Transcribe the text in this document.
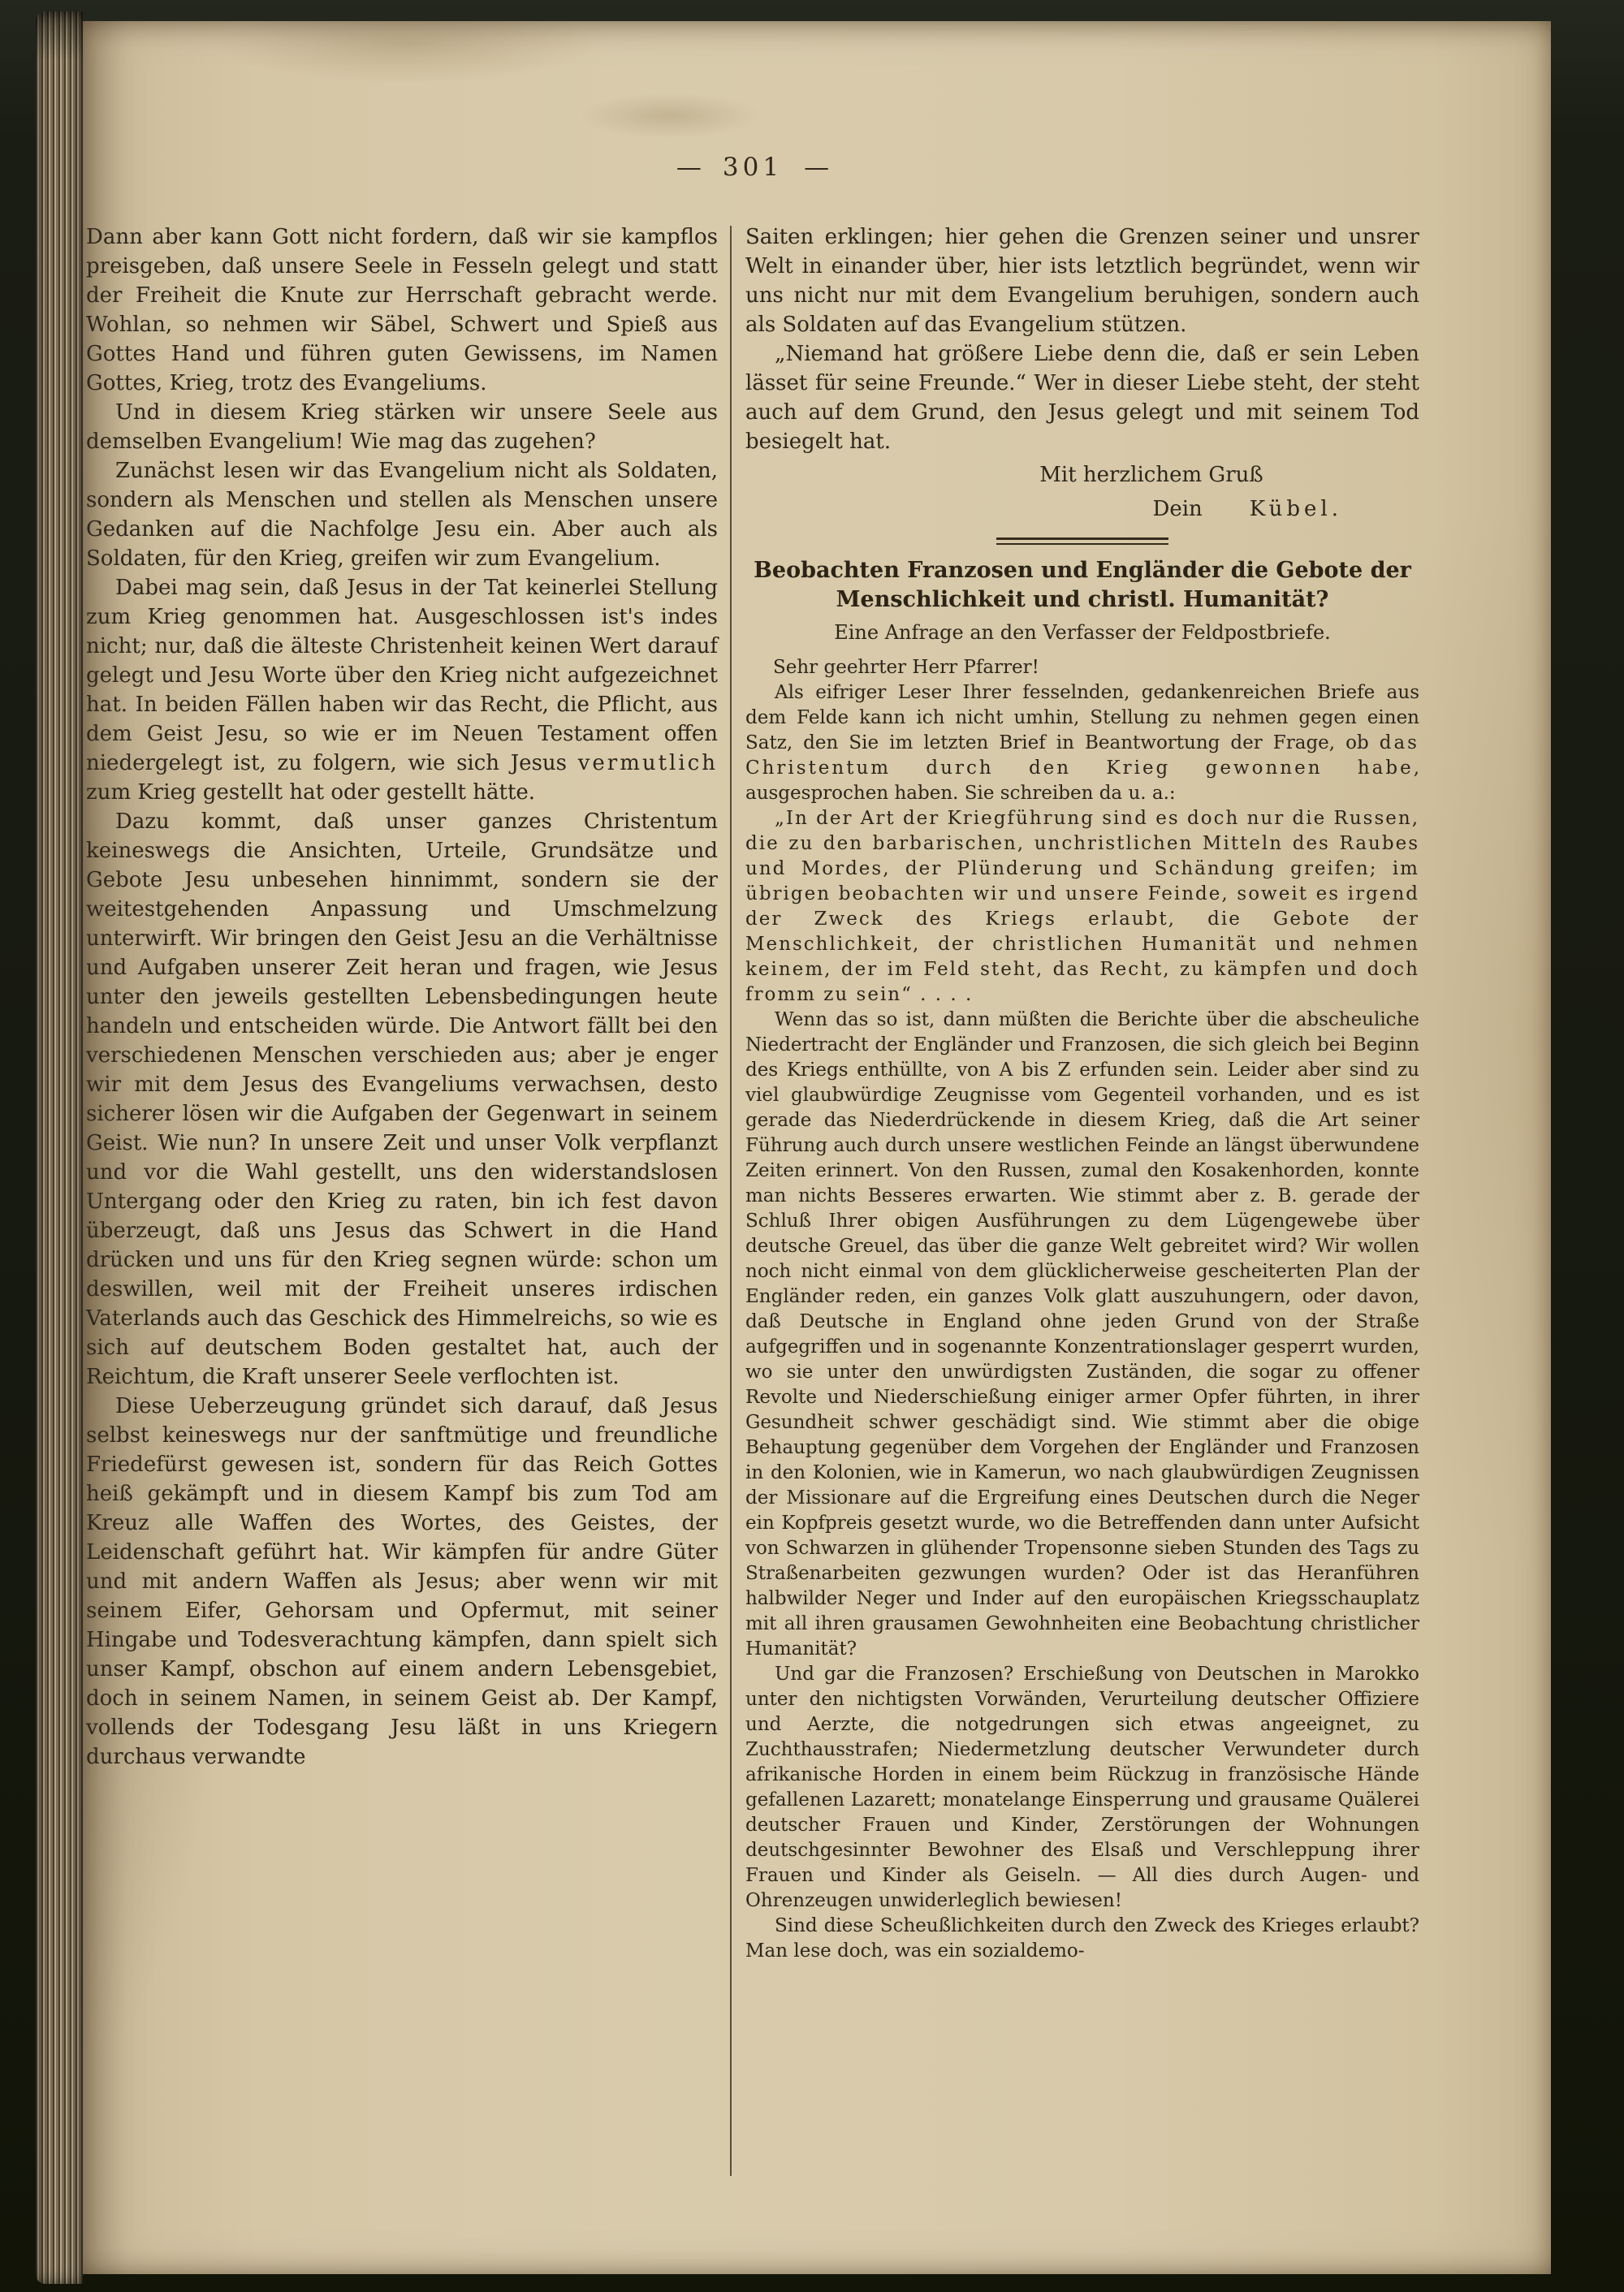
— 301 —

Dann aber kann Gott nicht fordern, daß wir sie kampflos preisgeben, daß unsere Seele in Fesseln gelegt und statt der Freiheit die Knute zur Herrschaft gebracht werde. Wohlan, so nehmen wir Säbel, Schwert und Spieß aus Gottes Hand und führen guten Gewissens, im Namen Gottes, Krieg, trotz des Evangeliums.

Und in diesem Krieg stärken wir unsere Seele aus demselben Evangelium! Wie mag das zugehen?

Zunächst lesen wir das Evangelium nicht als Soldaten, sondern als Menschen und stellen als Menschen unsere Gedanken auf die Nachfolge Jesu ein. Aber auch als Soldaten, für den Krieg, greifen wir zum Evangelium.

Dabei mag sein, daß Jesus in der Tat keinerlei Stellung zum Krieg genommen hat. Ausgeschlossen ist's indes nicht; nur, daß die älteste Christenheit keinen Wert darauf gelegt und Jesu Worte über den Krieg nicht aufgezeichnet hat. In beiden Fällen haben wir das Recht, die Pflicht, aus dem Geist Jesu, so wie er im Neuen Testament offen niedergelegt ist, zu folgern, wie sich Jesus vermutlich zum Krieg gestellt hat oder gestellt hätte.

Dazu kommt, daß unser ganzes Christentum keineswegs die Ansichten, Urteile, Grundsätze und Gebote Jesu unbesehen hinnimmt, sondern sie der weitestgehenden Anpassung und Umschmelzung unterwirft. Wir bringen den Geist Jesu an die Verhältnisse und Aufgaben unserer Zeit heran und fragen, wie Jesus unter den jeweils gestellten Lebensbedingungen heute handeln und entscheiden würde. Die Antwort fällt bei den verschiedenen Menschen verschieden aus; aber je enger wir mit dem Jesus des Evangeliums verwachsen, desto sicherer lösen wir die Aufgaben der Gegenwart in seinem Geist. Wie nun? In unsere Zeit und unser Volk verpflanzt und vor die Wahl gestellt, uns den widerstandslosen Untergang oder den Krieg zu raten, bin ich fest davon überzeugt, daß uns Jesus das Schwert in die Hand drücken und uns für den Krieg segnen würde: schon um deswillen, weil mit der Freiheit unseres irdischen Vaterlands auch das Geschick des Himmelreichs, so wie es sich auf deutschem Boden gestaltet hat, auch der Reichtum, die Kraft unserer Seele verflochten ist.

Diese Ueberzeugung gründet sich darauf, daß Jesus selbst keineswegs nur der sanftmütige und freundliche Friedefürst gewesen ist, sondern für das Reich Gottes heiß gekämpft und in diesem Kampf bis zum Tod am Kreuz alle Waffen des Wortes, des Geistes, der Leidenschaft geführt hat. Wir kämpfen für andre Güter und mit andern Waffen als Jesus; aber wenn wir mit seinem Eifer, Gehorsam und Opfermut, mit seiner Hingabe und Todesverachtung kämpfen, dann spielt sich unser Kampf, obschon auf einem andern Lebensgebiet, doch in seinem Namen, in seinem Geist ab. Der Kampf, vollends der Todesgang Jesu läßt in uns Kriegern durchaus verwandte

Saiten erklingen; hier gehen die Grenzen seiner und unsrer Welt in einander über, hier ists letztlich begründet, wenn wir uns nicht nur mit dem Evangelium beruhigen, sondern auch als Soldaten auf das Evangelium stützen.

„Niemand hat größere Liebe denn die, daß er sein Leben lässet für seine Freunde.“ Wer in dieser Liebe steht, der steht auch auf dem Grund, den Jesus gelegt und mit seinem Tod besiegelt hat.

Mit herzlichem Gruß

Dein Kübel.

Beobachten Franzosen und Engländer die Gebote der Menschlichkeit und christl. Humanität?

Eine Anfrage an den Verfasser der Feldpostbriefe.

Sehr geehrter Herr Pfarrer!

Als eifriger Leser Ihrer fesselnden, gedankenreichen Briefe aus dem Felde kann ich nicht umhin, Stellung zu nehmen gegen einen Satz, den Sie im letzten Brief in Beantwortung der Frage, ob das Christentum durch den Krieg gewonnen habe, ausgesprochen haben. Sie schreiben da u. a.:

„In der Art der Kriegführung sind es doch nur die Russen, die zu den barbarischen, unchristlichen Mitteln des Raubes und Mordes, der Plünderung und Schändung greifen; im übrigen beobachten wir und unsere Feinde, soweit es irgend der Zweck des Kriegs erlaubt, die Gebote der Menschlichkeit, der christlichen Humanität und nehmen keinem, der im Feld steht, das Recht, zu kämpfen und doch fromm zu sein“ . . . .

Wenn das so ist, dann müßten die Berichte über die abscheuliche Niedertracht der Engländer und Franzosen, die sich gleich bei Beginn des Kriegs enthüllte, von A bis Z erfunden sein. Leider aber sind zu viel glaubwürdige Zeugnisse vom Gegenteil vorhanden, und es ist gerade das Niederdrückende in diesem Krieg, daß die Art seiner Führung auch durch unsere westlichen Feinde an längst überwundene Zeiten erinnert. Von den Russen, zumal den Kosakenhorden, konnte man nichts Besseres erwarten. Wie stimmt aber z. B. gerade der Schluß Ihrer obigen Ausführungen zu dem Lügengewebe über deutsche Greuel, das über die ganze Welt gebreitet wird? Wir wollen noch nicht einmal von dem glücklicherweise gescheiterten Plan der Engländer reden, ein ganzes Volk glatt auszuhungern, oder davon, daß Deutsche in England ohne jeden Grund von der Straße aufgegriffen und in sogenannte Konzentrationslager gesperrt wurden, wo sie unter den unwürdigsten Zuständen, die sogar zu offener Revolte und Niederschießung einiger armer Opfer führten, in ihrer Gesundheit schwer geschädigt sind. Wie stimmt aber die obige Behauptung gegenüber dem Vorgehen der Engländer und Franzosen in den Kolonien, wie in Kamerun, wo nach glaubwürdigen Zeugnissen der Missionare auf die Ergreifung eines Deutschen durch die Neger ein Kopfpreis gesetzt wurde, wo die Betreffenden dann unter Aufsicht von Schwarzen in glühender Tropensonne sieben Stunden des Tags zu Straßenarbeiten gezwungen wurden? Oder ist das Heranführen halbwilder Neger und Inder auf den europäischen Kriegsschauplatz mit all ihren grausamen Gewohnheiten eine Beobachtung christlicher Humanität?

Und gar die Franzosen? Erschießung von Deutschen in Marokko unter den nichtigsten Vorwänden, Verurteilung deutscher Offiziere und Aerzte, die notgedrungen sich etwas angeeignet, zu Zuchthausstrafen; Niedermetzlung deutscher Verwundeter durch afrikanische Horden in einem beim Rückzug in französische Hände gefallenen Lazarett; monatelange Einsperrung und grausame Quälerei deutscher Frauen und Kinder, Zerstörungen der Wohnungen deutschgesinnter Bewohner des Elsaß und Verschleppung ihrer Frauen und Kinder als Geiseln. — All dies durch Augen- und Ohrenzeugen unwiderleglich bewiesen!

Sind diese Scheußlichkeiten durch den Zweck des Krieges erlaubt? Man lese doch, was ein sozialdemo-
